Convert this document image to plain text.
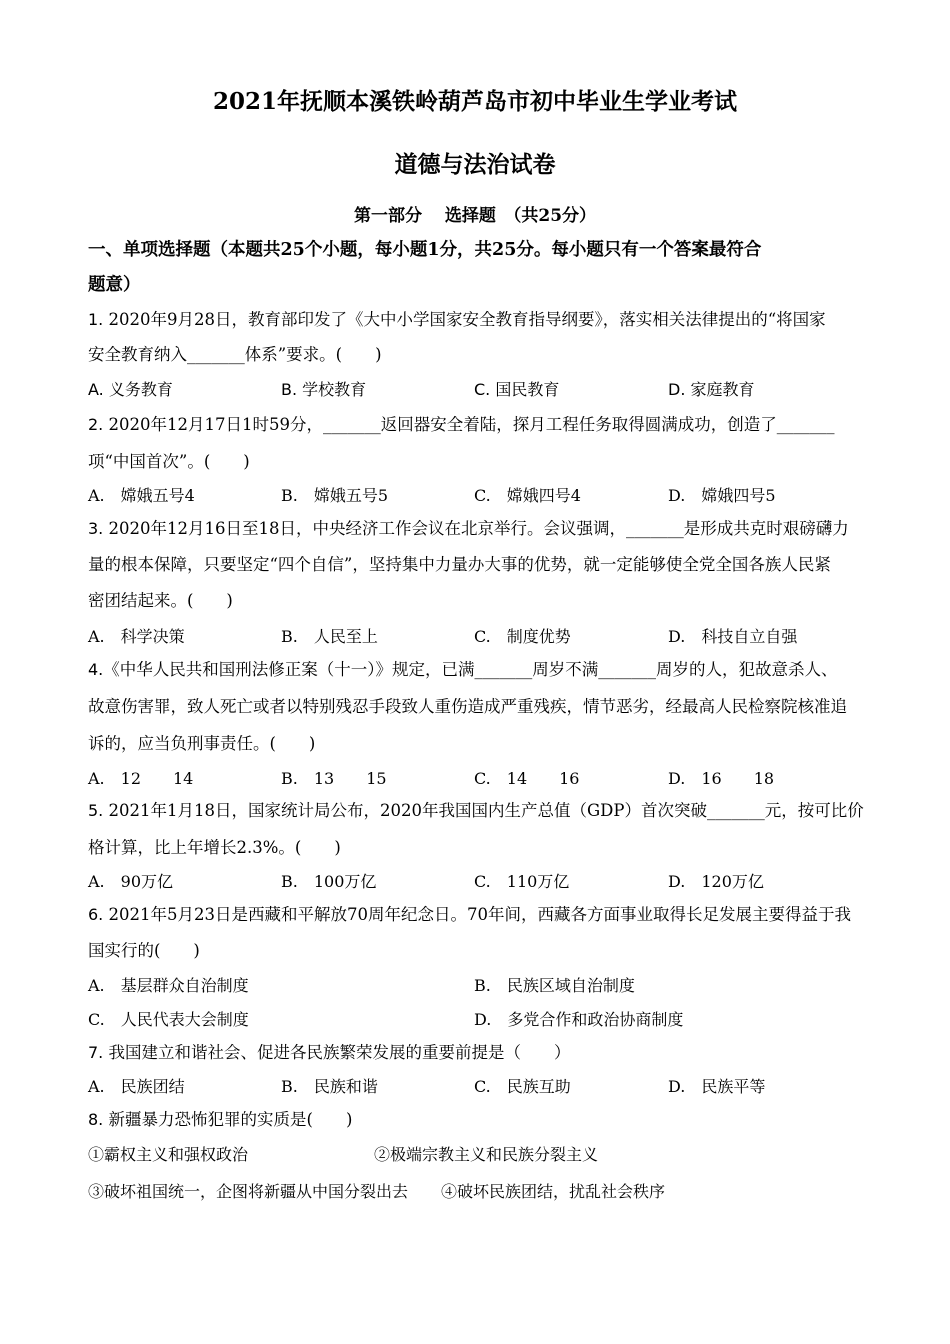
2021年抚顺本溪铁岭葫芦岛市初中毕业生学业考试
道德与法治试卷
第一部分　 选择题　（共25分）
一、单项选择题（本题共25个小题，每小题1分，共25分。每小题只有一个答案最符合
题意）
1. 2020年9月28日，教育部印发了《大中小学国家安全教育指导纲要》，落实相关法律提出的“将国家
安全教育纳入_______体系”要求。(　　)
A. 义务教育	B. 学校教育	C. 国民教育	D. 家庭教育
2. 2020年12月17日1时59分，_______返回器安全着陆，探月工程任务取得圆满成功，创造了_______
项“中国首次”。(　　)
A.　嫦娥五号4	B.　嫦娥五号5	C.　嫦娥四号4	D.　嫦娥四号5
3. 2020年12月16日至18日，中央经济工作会议在北京举行。会议强调，_______是形成共克时艰磅礴力
量的根本保障，只要坚定“四个自信”，坚持集中力量办大事的优势，就一定能够使全党全国各族人民紧
密团结起来。(　　)
A.　科学决策	B.　人民至上	C.　制度优势	D.　科技自立自强
4.《中华人民共和国刑法修正案（十一）》规定，已满_______周岁不满_______周岁的人，犯故意杀人、
故意伤害罪，致人死亡或者以特别残忍手段致人重伤造成严重残疾，情节恶劣，经最高人民检察院核准追
诉的，应当负刑事责任。(　　)
A.　12　　14	B.　13　　15	C.　14　　16	D.　16　　18
5. 2021年1月18日，国家统计局公布，2020年我国国内生产总值（GDP）首次突破_______元，按可比价
格计算，比上年增长2.3%。(　　)
A.　90万亿	B.　100万亿	C.　110万亿	D.　120万亿
6. 2021年5月23日是西藏和平解放70周年纪念日。70年间，西藏各方面事业取得长足发展主要得益于我
国实行的(　　)
A.　基层群众自治制度	B.　民族区域自治制度
C.　人民代表大会制度	D.　多党合作和政治协商制度
7. 我国建立和谐社会、促进各民族繁荣发展的重要前提是（　　）
A.　民族团结	B.　民族和谐	C.　民族互助	D.　民族平等
8. 新疆暴力恐怖犯罪的实质是(　　)
①霸权主义和强权政治	②极端宗教主义和民族分裂主义
③破坏祖国统一，企图将新疆从中国分裂出去 ④破坏民族团结，扰乱社会秩序
